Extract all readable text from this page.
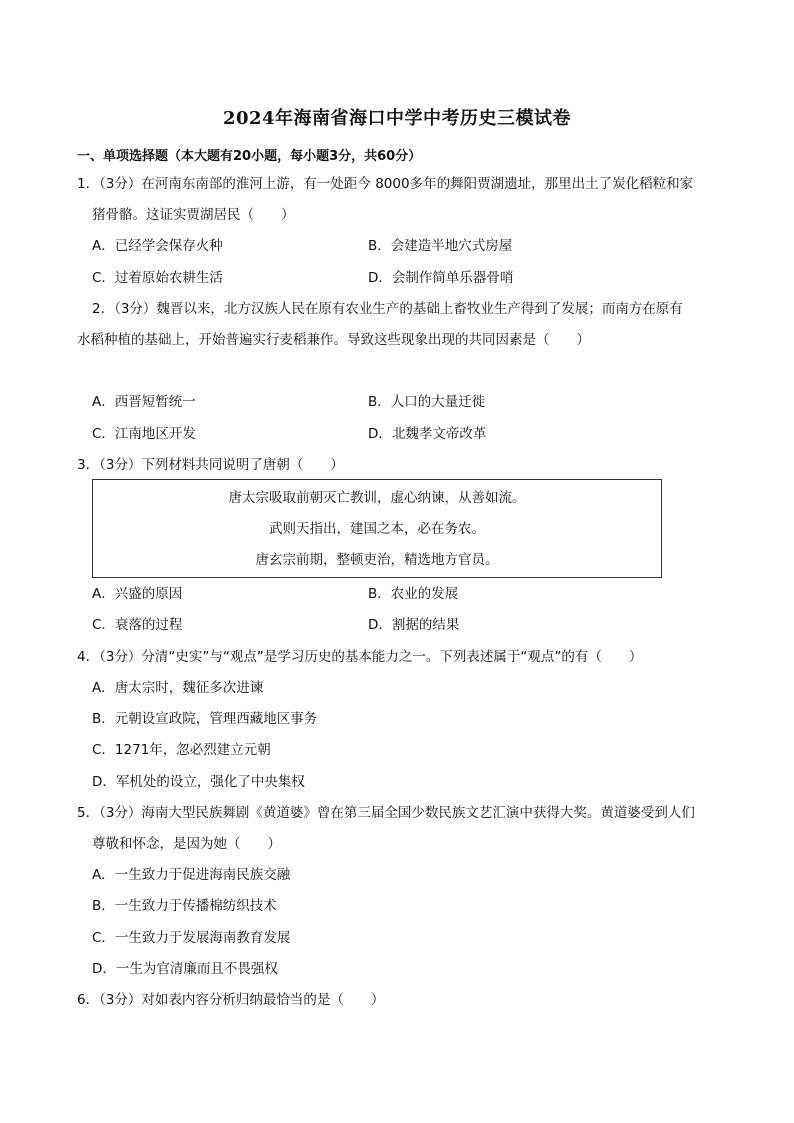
2024年海南省海口中学中考历史三模试卷
一、单项选择题（本大题有20小题，每小题3分，共60分）
1．（3分）在河南东南部的淮河上游，有一处距今 8000多年的舞阳贾湖遗址，那里出土了炭化稻粒和家
猪骨骼。这证实贾湖居民（　　）
A．已经学会保存火种	B．会建造半地穴式房屋
C．过着原始农耕生活	D．会制作简单乐器骨哨
2．（3分）魏晋以来，北方汉族人民在原有农业生产的基础上畜牧业生产得到了发展；而南方在原有
水稻种植的基础上，开始普遍实行麦稻兼作。导致这些现象出现的共同因素是（　　）
A．西晋短暂统一	B．人口的大量迁徙
C．江南地区开发	D．北魏孝文帝改革
3．（3分）下列材料共同说明了唐朝（　　）
唐太宗吸取前朝灭亡教训，虚心纳谏，从善如流。
武则天指出，建国之本，必在务农。
唐玄宗前期，整顿吏治，精选地方官员。
A．兴盛的原因	B．农业的发展
C．衰落的过程	D．割据的结果
4．（3分）分清“史实”与“观点”是学习历史的基本能力之一。下列表述属于“观点”的有（　　）
A．唐太宗时，魏征多次进谏
B．元朝设宣政院，管理西藏地区事务
C．1271年，忽必烈建立元朝
D．军机处的设立，强化了中央集权
5．（3分）海南大型民族舞剧《黄道婆》曾在第三届全国少数民族文艺汇演中获得大奖。黄道婆受到人们
尊敬和怀念，是因为她（　　）
A．一生致力于促进海南民族交融
B．一生致力于传播棉纺织技术
C．一生致力于发展海南教育发展
D．一生为官清廉而且不畏强权
6．（3分）对如表内容分析归纳最恰当的是（　　）
